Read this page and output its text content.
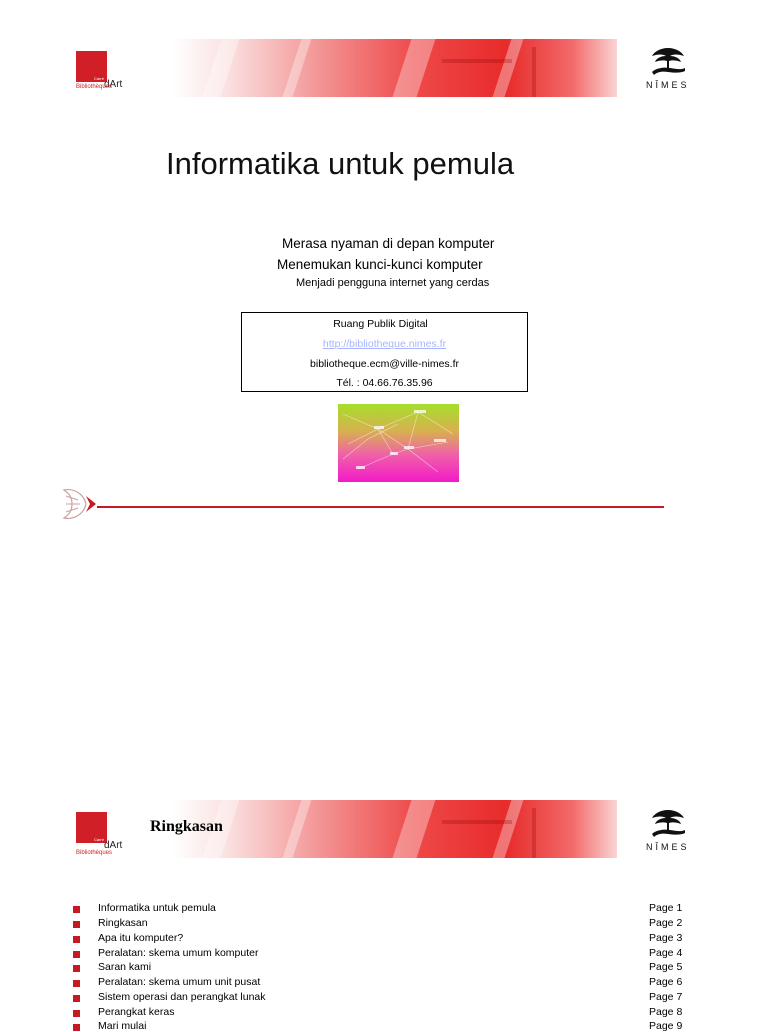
Carré
dArt
Bibliothèques	NÎMES
Informatika untuk pemula
Merasa nyaman di depan komputer
Menemukan kunci-kunci komputer
Menjadi pengguna internet yang cerdas
Ruang Publik Digital
http://bibliotheque.nimes.fr
bibliotheque.ecm@ville-nimes.fr
Tél. : 04.66.76.35.96
Carré
dArt
Bibliothèques
Ringkasan
NÎMES
Informatika untuk pemula	Page 1
Ringkasan	Page 2
Apa itu komputer?	Page 3
Peralatan: skema umum komputer	Page 4
Saran kami	Page 5
Peralatan: skema umum unit pusat	Page 6
Sistem operasi dan perangkat lunak	Page 7
Perangkat keras	Page 8
Mari mulai	Page 9
